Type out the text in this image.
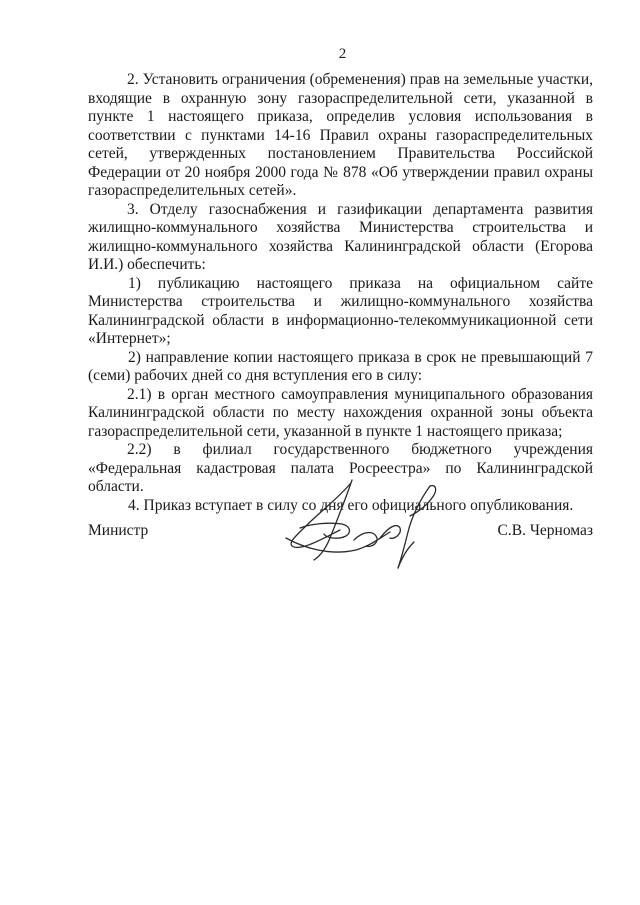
2

2. Установить ограничения (обременения) прав на земельные участки, входящие в охранную зону газораспределительной сети, указанной в пункте 1 настоящего приказа, определив условия использования в соответствии с пунктами 14-16 Правил охраны газораспределительных сетей, утвержденных постановлением Правительства Российской Федерации от 20 ноября 2000 года № 878 «Об утверждении правил охраны газораспределительных сетей».

3. Отделу газоснабжения и газификации департамента развития жилищно-коммунального хозяйства Министерства строительства и жилищно-коммунального хозяйства Калининградской области (Егорова И.И.) обеспечить:

1) публикацию настоящего приказа на официальном сайте Министерства строительства и жилищно-коммунального хозяйства Калининградской области в информационно-телекоммуникационной сети «Интернет»;

2) направление копии настоящего приказа в срок не превышающий 7 (семи) рабочих дней со дня вступления его в силу:

2.1) в орган местного самоуправления муниципального образования Калининградской области по месту нахождения охранной зоны объекта газораспределительной сети, указанной в пункте 1 настоящего приказа;

2.2) в филиал государственного бюджетного учреждения «Федеральная кадастровая палата Росреестра» по Калининградской области.

4. Приказ вступает в силу со дня его официального опубликования.

Министр	С.В. Черномаз
